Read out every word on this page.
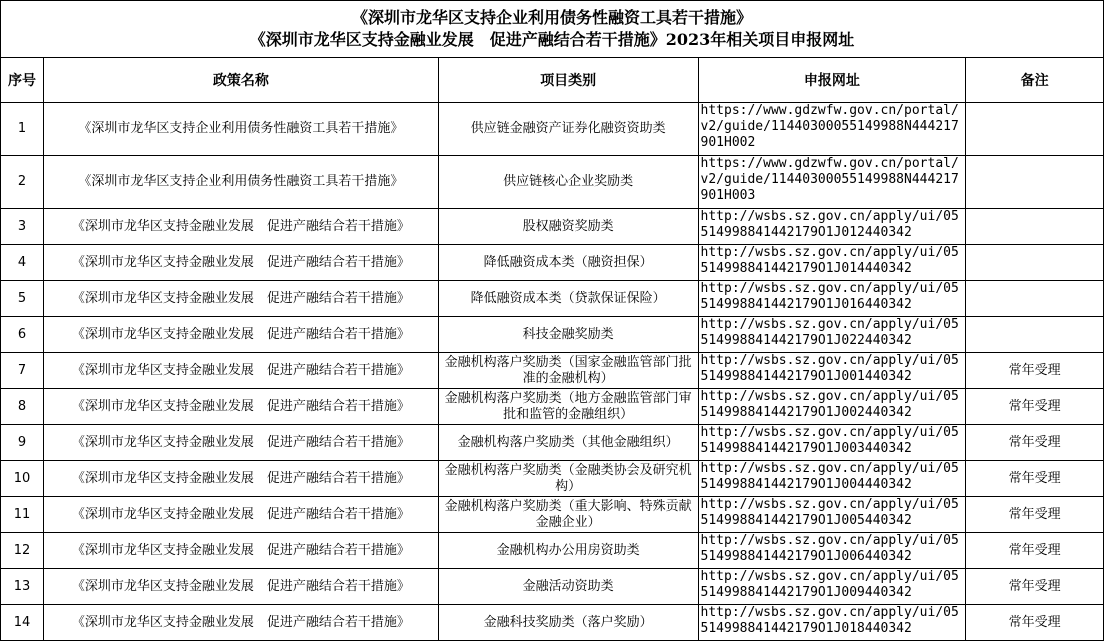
《深圳市龙华区支持企业利用债务性融资工具若干措施》
《深圳市龙华区支持金融业发展　促进产融结合若干措施》2023年相关项目申报网址				

序号	政策名称	项目类别	申报网址	备注
1	《深圳市龙华区支持企业利用债务性融资工具若干措施》	供应链金融资产证券化融资资助类	https://www.gdzwfw.gov.cn/portal/v2/guide/11440300055149988N444217901H002	
2	《深圳市龙华区支持企业利用债务性融资工具若干措施》	供应链核心企业奖励类	https://www.gdzwfw.gov.cn/portal/v2/guide/11440300055149988N444217901H003	
3	《深圳市龙华区支持金融业发展　促进产融结合若干措施》	股权融资奖励类	http://wsbs.sz.gov.cn/apply/ui/05514998841442179O1J012440342	
4	《深圳市龙华区支持金融业发展　促进产融结合若干措施》	降低融资成本类（融资担保）	http://wsbs.sz.gov.cn/apply/ui/05514998841442179O1J014440342	
5	《深圳市龙华区支持金融业发展　促进产融结合若干措施》	降低融资成本类（贷款保证保险）	http://wsbs.sz.gov.cn/apply/ui/05514998841442179O1J016440342	
6	《深圳市龙华区支持金融业发展　促进产融结合若干措施》	科技金融奖励类	http://wsbs.sz.gov.cn/apply/ui/05514998841442179O1J022440342	
7	《深圳市龙华区支持金融业发展　促进产融结合若干措施》	金融机构落户奖励类（国家金融监管部门批准的金融机构）	http://wsbs.sz.gov.cn/apply/ui/05514998841442179O1J001440342	常年受理
8	《深圳市龙华区支持金融业发展　促进产融结合若干措施》	金融机构落户奖励类（地方金融监管部门审批和监管的金融组织）	http://wsbs.sz.gov.cn/apply/ui/05514998841442179O1J002440342	常年受理
9	《深圳市龙华区支持金融业发展　促进产融结合若干措施》	金融机构落户奖励类（其他金融组织）	http://wsbs.sz.gov.cn/apply/ui/05514998841442179O1J003440342	常年受理
10	《深圳市龙华区支持金融业发展　促进产融结合若干措施》	金融机构落户奖励类（金融类协会及研究机构）	http://wsbs.sz.gov.cn/apply/ui/05514998841442179O1J004440342	常年受理
11	《深圳市龙华区支持金融业发展　促进产融结合若干措施》	金融机构落户奖励类（重大影响、特殊贡献金融企业）	http://wsbs.sz.gov.cn/apply/ui/05514998841442179O1J005440342	常年受理
12	《深圳市龙华区支持金融业发展　促进产融结合若干措施》	金融机构办公用房资助类	http://wsbs.sz.gov.cn/apply/ui/05514998841442179O1J006440342	常年受理
13	《深圳市龙华区支持金融业发展　促进产融结合若干措施》	金融活动资助类	http://wsbs.sz.gov.cn/apply/ui/05514998841442179O1J009440342	常年受理
14	《深圳市龙华区支持金融业发展　促进产融结合若干措施》	金融科技奖励类（落户奖励）	http://wsbs.sz.gov.cn/apply/ui/05514998841442179O1J018440342	常年受理
